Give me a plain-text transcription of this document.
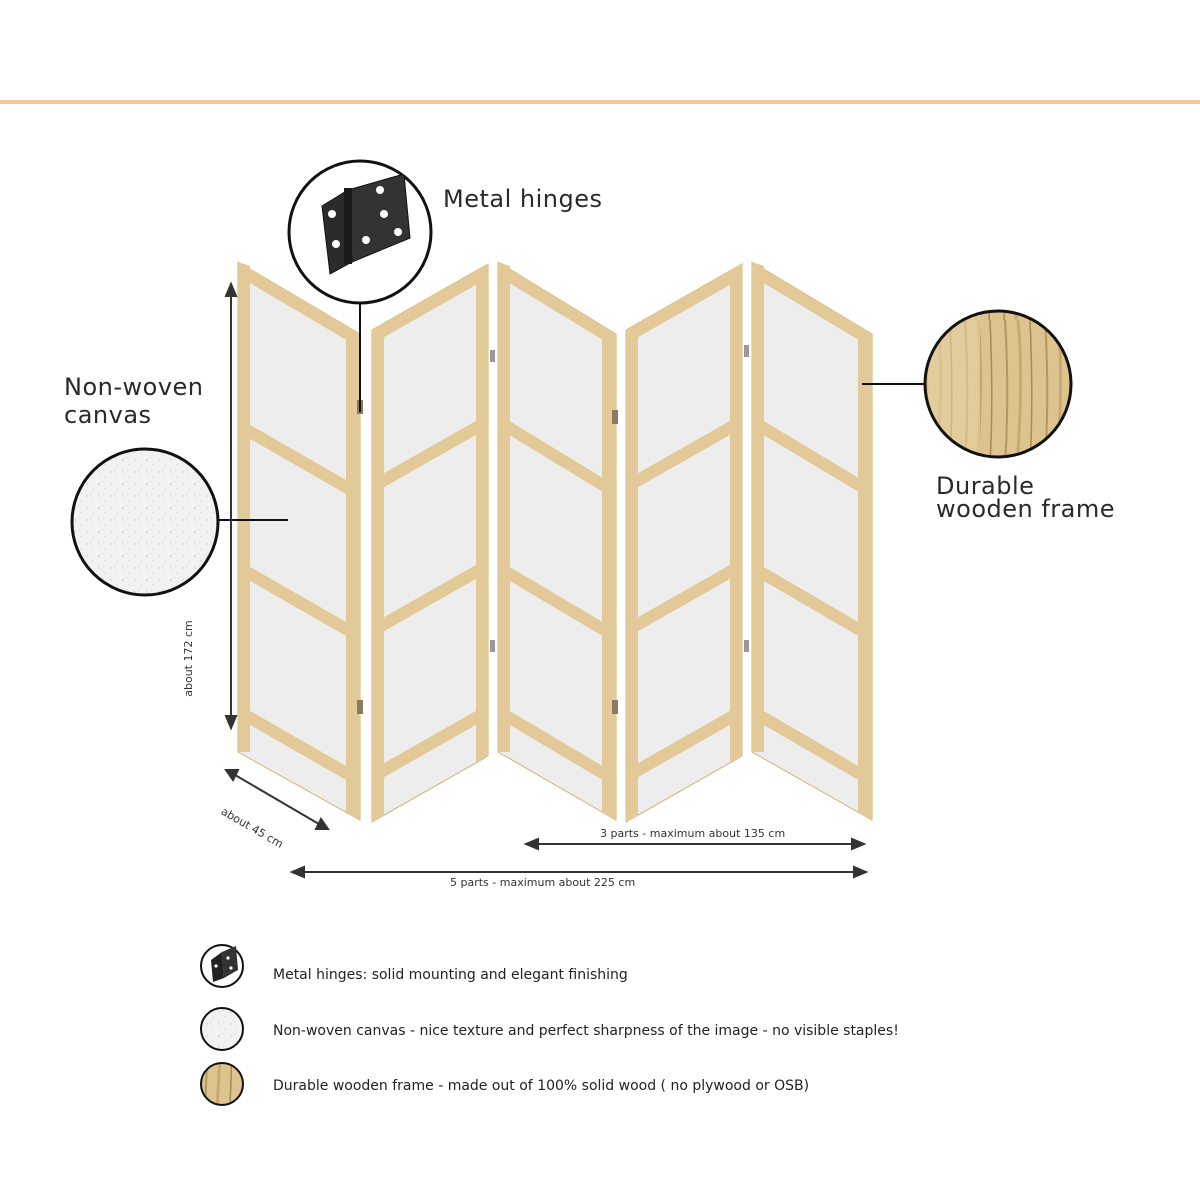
Metal hinges
Non-woven
canvas
Durable
wooden frame
about 172 cm
about 45 cm	3 parts - maximum about 135 cm
5 parts - maximum about 225 cm
Metal hinges: solid mounting and elegant finishing
Non-woven canvas - nice texture and perfect sharpness of the image - no visible staples!
Durable wooden frame - made out of 100% solid wood ( no plywood or OSB)
